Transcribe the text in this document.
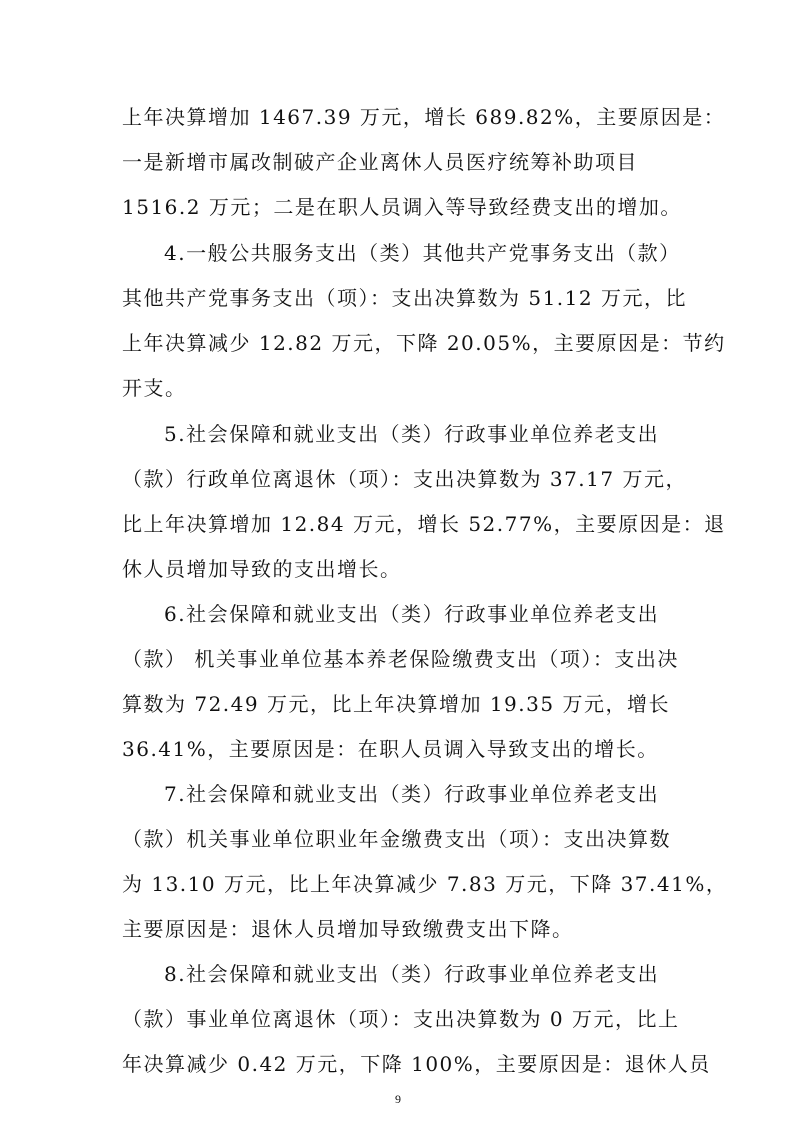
上年决算增加 1467.39 万元，增长 689.82%，主要原因是：
一是新增市属改制破产企业离休人员医疗统筹补助项目
1516.2 万元；二是在职人员调入等导致经费支出的增加。
4.一般公共服务支出（类）其他共产党事务支出（款）
其他共产党事务支出（项）：支出决算数为 51.12 万元，比
上年决算减少 12.82 万元，下降 20.05%，主要原因是：节约
开支。
5.社会保障和就业支出（类）行政事业单位养老支出
（款）行政单位离退休（项）：支出决算数为 37.17 万元，
比上年决算增加 12.84 万元，增长 52.77%，主要原因是：退
休人员增加导致的支出增长。
6.社会保障和就业支出（类）行政事业单位养老支出
（款） 机关事业单位基本养老保险缴费支出（项）：支出决
算数为 72.49 万元，比上年决算增加 19.35 万元，增长
36.41%，主要原因是：在职人员调入导致支出的增长。
7.社会保障和就业支出（类）行政事业单位养老支出
（款）机关事业单位职业年金缴费支出（项）：支出决算数
为 13.10 万元，比上年决算减少 7.83 万元，下降 37.41%，
主要原因是：退休人员增加导致缴费支出下降。
8.社会保障和就业支出（类）行政事业单位养老支出
（款）事业单位离退休（项）：支出决算数为 0 万元，比上
年决算减少 0.42 万元，下降 100%，主要原因是：退休人员
9
